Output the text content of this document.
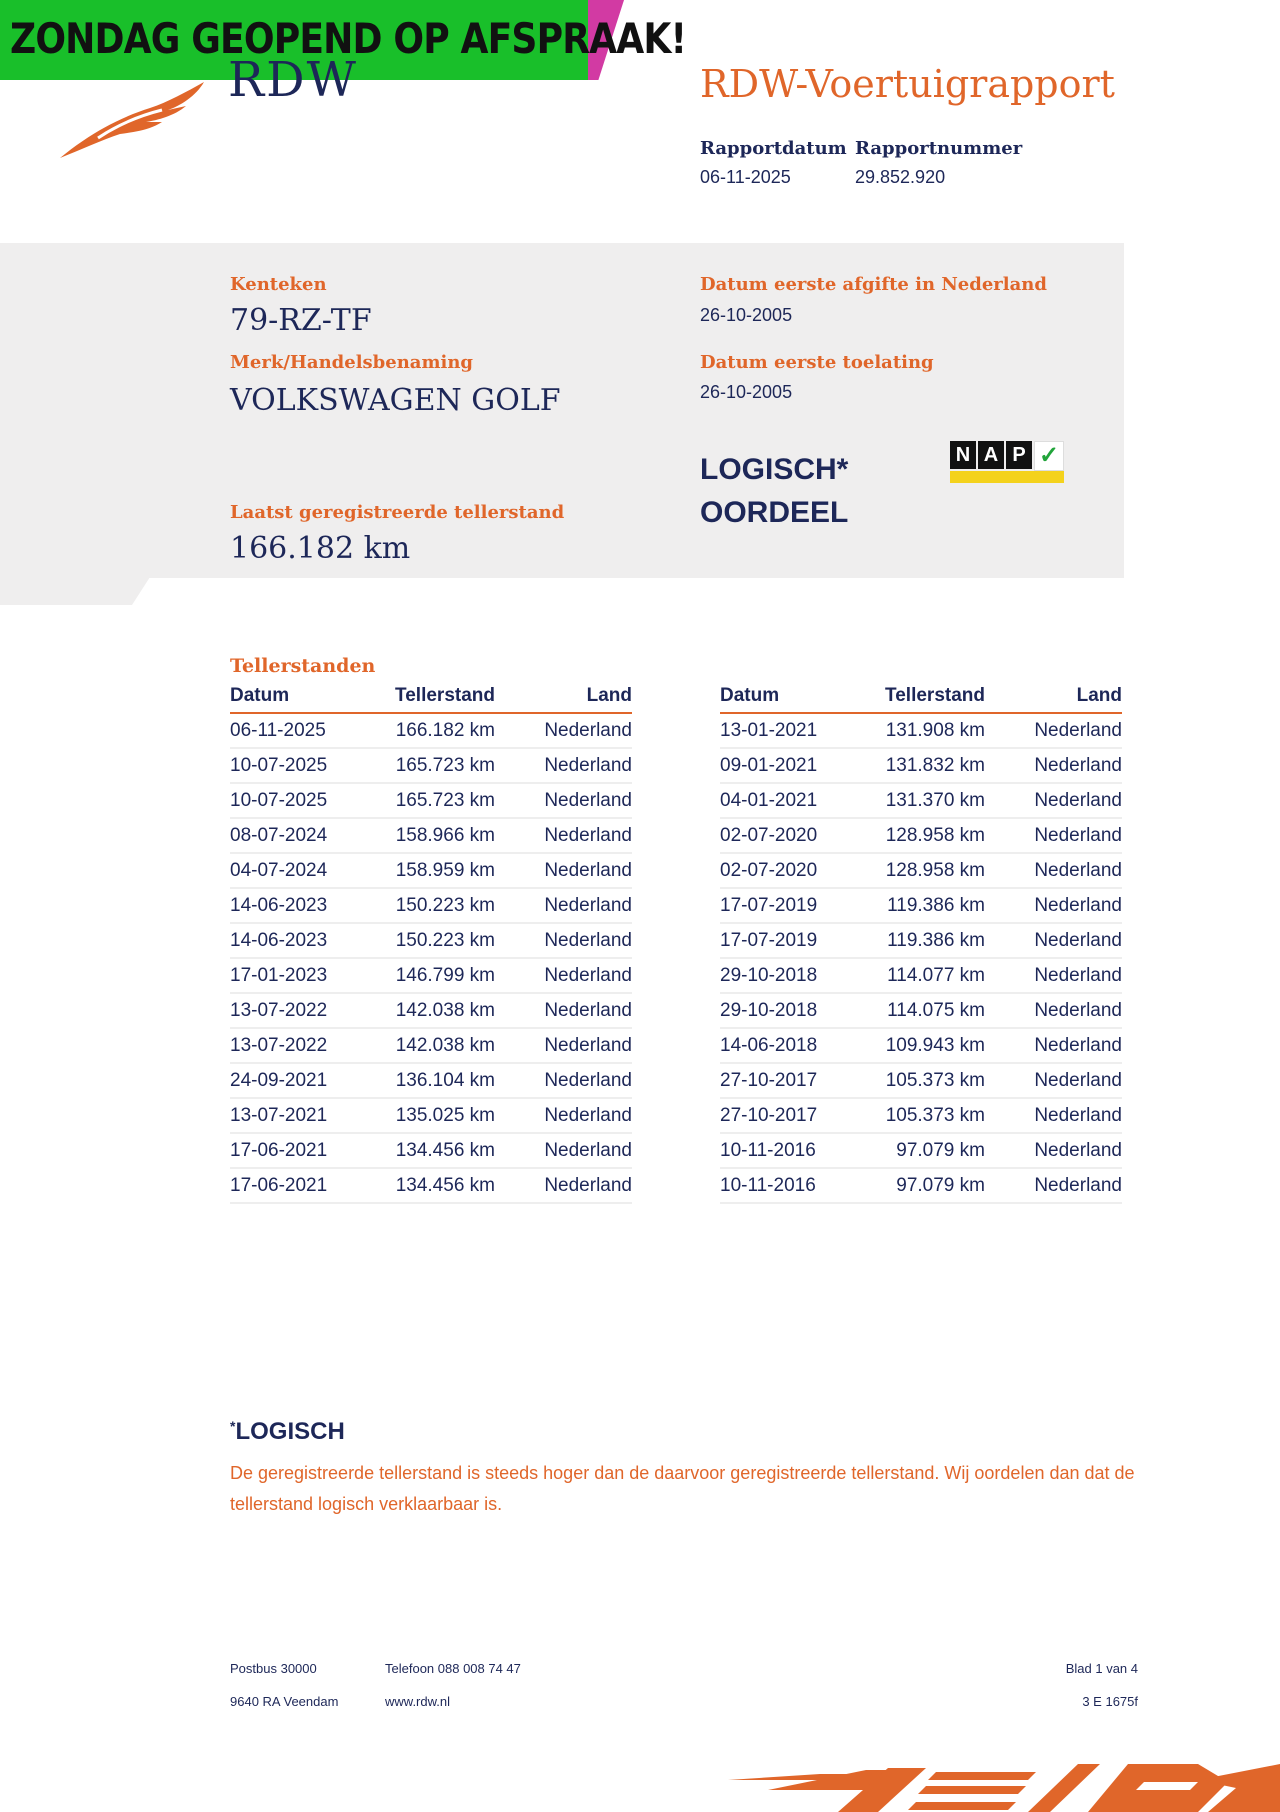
ZONDAG GEOPEND OP AFSPRAAK!
RDW	RDW-Voertuigrapport
Rapportdatum
06-11-2025
Rapportnummer
29.852.920
Kenteken
79-RZ-TF
Merk/Handelsbenaming
VOLKSWAGEN GOLF
Datum eerste afgifte in Nederland
26-10-2005
Datum eerste toelating
26-10-2005
LOGISCH*
OORDEEL
N A P ✓
Laatst geregistreerde tellerstand
166.182 km
Tellerstanden
Datum	Tellerstand	Land
06-11-2025	166.182 km	Nederland
10-07-2025	165.723 km	Nederland
10-07-2025	165.723 km	Nederland
08-07-2024	158.966 km	Nederland
04-07-2024	158.959 km	Nederland
14-06-2023	150.223 km	Nederland
14-06-2023	150.223 km	Nederland
17-01-2023	146.799 km	Nederland
13-07-2022	142.038 km	Nederland
13-07-2022	142.038 km	Nederland
24-09-2021	136.104 km	Nederland
13-07-2021	135.025 km	Nederland
17-06-2021	134.456 km	Nederland
17-06-2021	134.456 km	Nederland
Datum	Tellerstand	Land
13-01-2021	131.908 km	Nederland
09-01-2021	131.832 km	Nederland
04-01-2021	131.370 km	Nederland
02-07-2020	128.958 km	Nederland
02-07-2020	128.958 km	Nederland
17-07-2019	119.386 km	Nederland
17-07-2019	119.386 km	Nederland
29-10-2018	114.077 km	Nederland
29-10-2018	114.075 km	Nederland
14-06-2018	109.943 km	Nederland
27-10-2017	105.373 km	Nederland
27-10-2017	105.373 km	Nederland
10-11-2016	97.079 km	Nederland
10-11-2016	97.079 km	Nederland
*LOGISCH
De geregistreerde tellerstand is steeds hoger dan de daarvoor geregistreerde tellerstand. Wij oordelen dan dat de tellerstand logisch verklaarbaar is.
Postbus 30000
9640 RA Veendam
Telefoon 088 008 74 47
www.rdw.nl
Blad 1 van 4
3 E 1675f
